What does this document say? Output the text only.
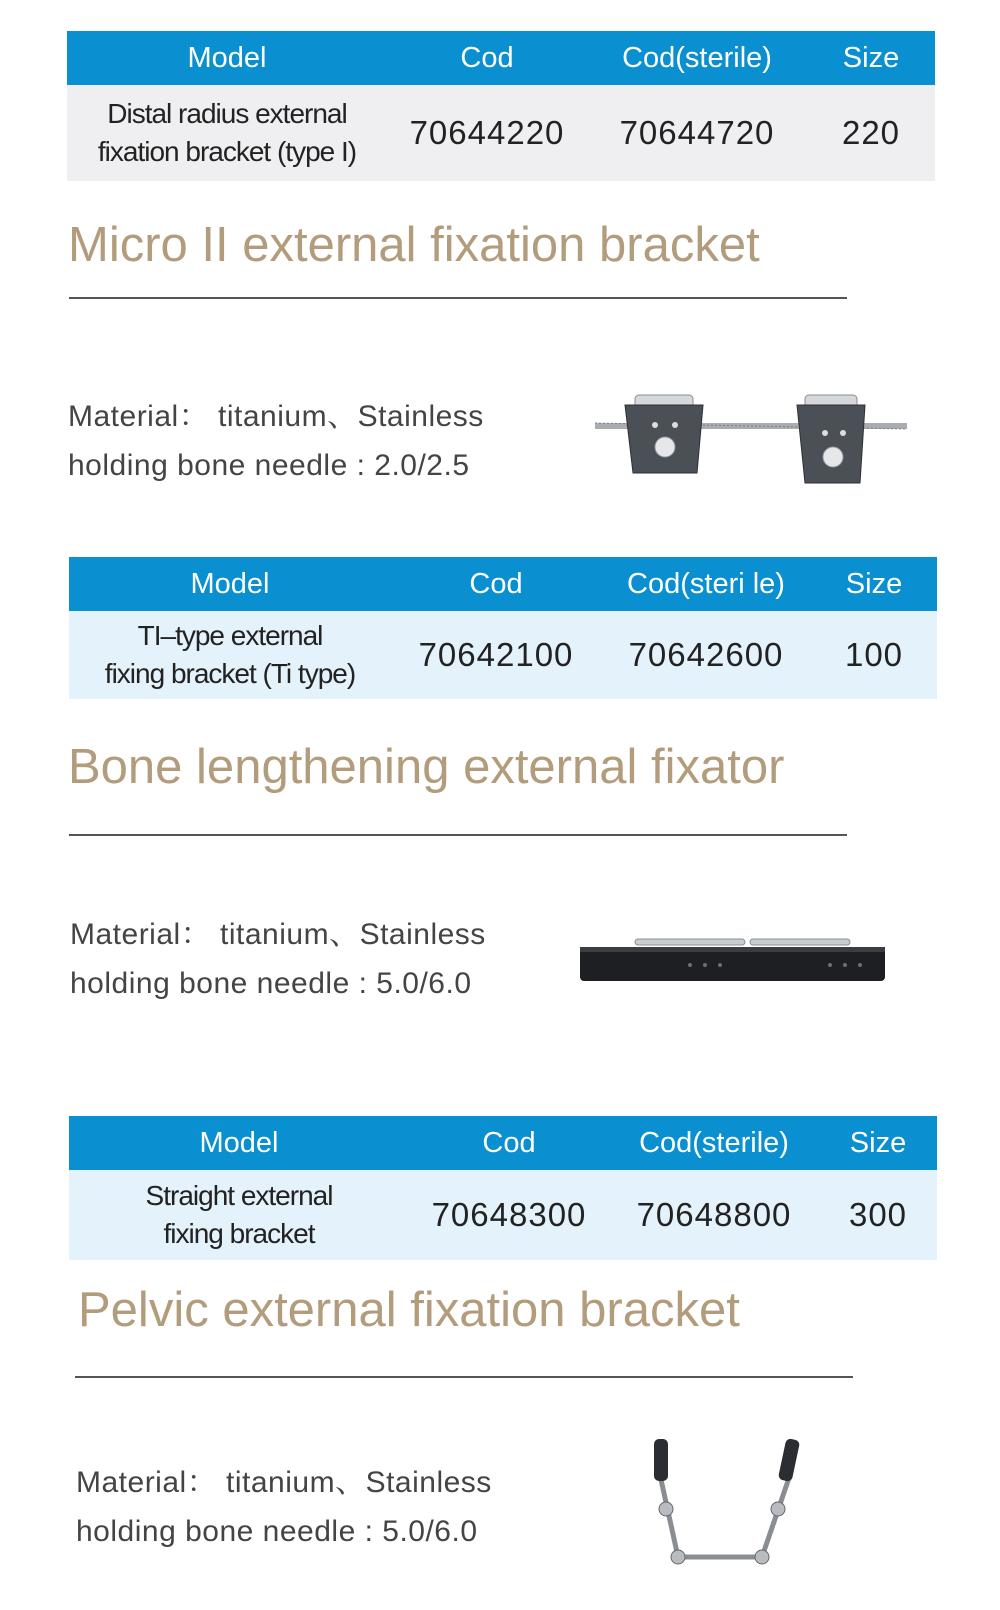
Model	Cod	Cod(sterile)	Size

Distal radius external
fixation bracket (type I)	70644220	70644720	220
Micro II external fixation bracket
Material： titanium、Stainless
holding bone needle : 2.0/2.5
Model	Cod	Cod(steri le)	Size

TI–type external
fixing bracket (Ti type)	70642100	70642600	100
Bone lengthening external fixator
Material： titanium、Stainless
holding bone needle : 5.0/6.0
Model	Cod	Cod(sterile)	Size

Straight external
fixing bracket	70648300	70648800	300
Pelvic external fixation bracket
Material： titanium、Stainless
holding bone needle : 5.0/6.0
